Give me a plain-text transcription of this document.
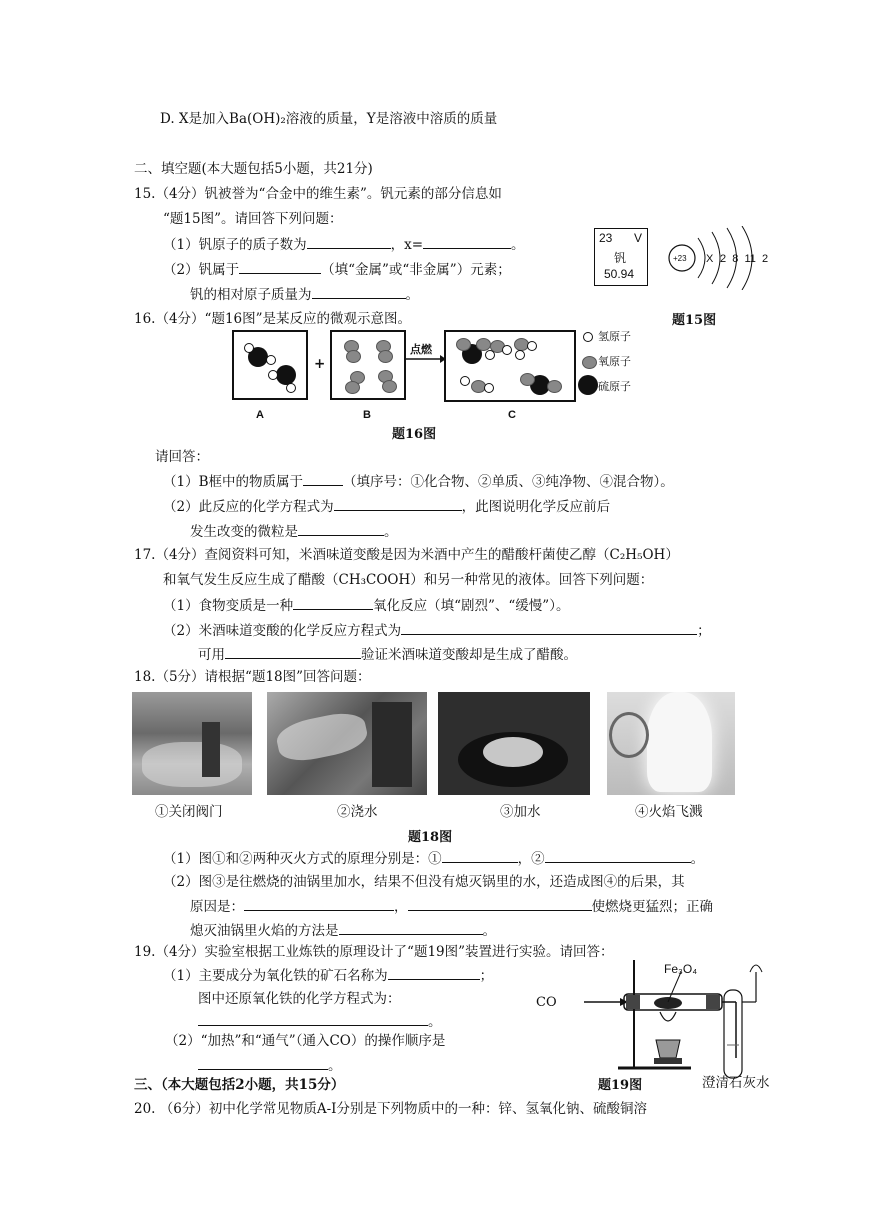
D. X是加入Ba(OH)₂溶液的质量，Y是溶液中溶质的质量
二、填空题(本大题包括5小题，共21分)
15.（4分）钒被誉为“合金中的维生素”。钒元素的部分信息如
“题15图”。请回答下列问题：
（1）钒原子的质子数为	，x=	。
（2）钒属于	（填“金属”或“非金属”）元素；
钒的相对原子质量为	。
23 V
钒
50.94
+23 X 2  8  11  2
题15图
16.（4分）“题16图”是某反应的微观示意图。
+
点燃
氢原子
氧原子
硫原子
A	B	C
题16图
请回答：
（1）B框中的物质属于	（填序号：①化合物、②单质、③纯净物、④混合物）。
（2）此反应的化学方程式为	，此图说明化学反应前后
发生改变的微粒是	。
17.（4分）查阅资料可知，米酒味道变酸是因为米酒中产生的醋酸杆菌使乙醇（C₂H₅OH）
和氧气发生反应生成了醋酸（CH₃COOH）和另一种常见的液体。回答下列问题：
（1）食物变质是一种	氧化反应（填“剧烈”、“缓慢”）。
（2）米酒味道变酸的化学反应方程式为	；
可用	验证米酒味道变酸却是生成了醋酸。
18.（5分）请根据“题18图”回答问题：
①关闭阀门	②浇水	③加水	④火焰飞溅
题18图
（1）图①和②两种灭火方式的原理分别是：①	，②	。
（2）图③是往燃烧的油锅里加水，结果不但没有熄灭锅里的水，还造成图④的后果，其
原因是：	，	使燃烧更猛烈；正确
熄灭油锅里火焰的方法是	。
19.（4分）实验室根据工业炼铁的原理设计了“题19图”装置进行实验。请回答：
（1）主要成分为氧化铁的矿石名称为	；
图中还原氧化铁的化学方程式为：
。
（2）“加热”和“通气”（通入CO）的操作顺序是
。
CO
Fe₃O₄
题19图	澄清石灰水
三、（本大题包括2小题，共15分）
20. （6分）初中化学常见物质A-I分别是下列物质中的一种：锌、氢氧化钠、硫酸铜溶
